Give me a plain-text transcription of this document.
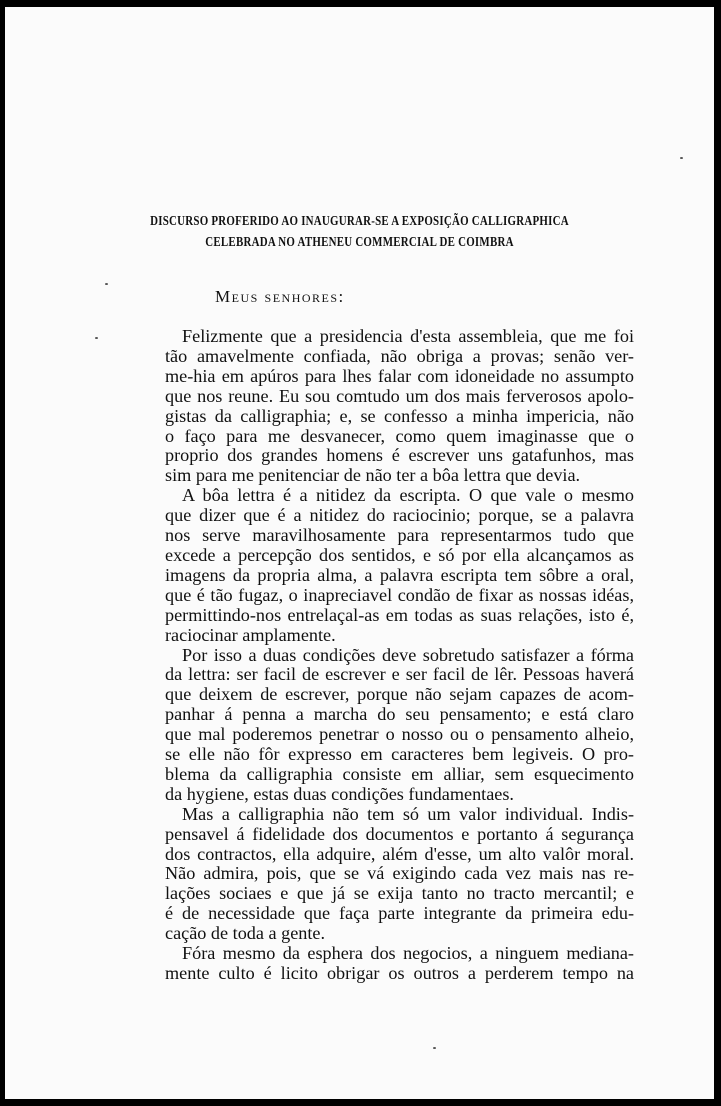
DISCURSO PROFERIDO AO INAUGURAR-SE A EXPOSIÇÃO CALLIGRAPHICA
CELEBRADA NO ATHENEU COMMERCIAL DE COIMBRA
Meus senhores:
Felizmente que a presidencia d'esta assembleia, que me foi
tão amavelmente confiada, não obriga a provas; senão ver-
me-hia em apúros para lhes falar com idoneidade no assumpto
que nos reune. Eu sou comtudo um dos mais ferverosos apolo-
gistas da calligraphia; e, se confesso a minha impericia, não
o faço para me desvanecer, como quem imaginasse que o
proprio dos grandes homens é escrever uns gatafunhos, mas
sim para me penitenciar de não ter a bôa lettra que devia.
A bôa lettra é a nitidez da escripta. O que vale o mesmo
que dizer que é a nitidez do raciocinio; porque, se a palavra
nos serve maravilhosamente para representarmos tudo que
excede a percepção dos sentidos, e só por ella alcançamos as
imagens da propria alma, a palavra escripta tem sôbre a oral,
que é tão fugaz, o inapreciavel condão de fixar as nossas idéas,
permittindo-nos entrelaçal-as em todas as suas relações, isto é,
raciocinar amplamente.
Por isso a duas condições deve sobretudo satisfazer a fórma
da lettra: ser facil de escrever e ser facil de lêr. Pessoas haverá
que deixem de escrever, porque não sejam capazes de acom-
panhar á penna a marcha do seu pensamento; e está claro
que mal poderemos penetrar o nosso ou o pensamento alheio,
se elle não fôr expresso em caracteres bem legiveis. O pro-
blema da calligraphia consiste em alliar, sem esquecimento
da hygiene, estas duas condições fundamentaes.
Mas a calligraphia não tem só um valor individual. Indis-
pensavel á fidelidade dos documentos e portanto á segurança
dos contractos, ella adquire, além d'esse, um alto valôr moral.
Não admira, pois, que se vá exigindo cada vez mais nas re-
lações sociaes e que já se exija tanto no tracto mercantil; e
é de necessidade que faça parte integrante da primeira edu-
cação de toda a gente.
Fóra mesmo da esphera dos negocios, a ninguem mediana-
mente culto é licito obrigar os outros a perderem tempo na
